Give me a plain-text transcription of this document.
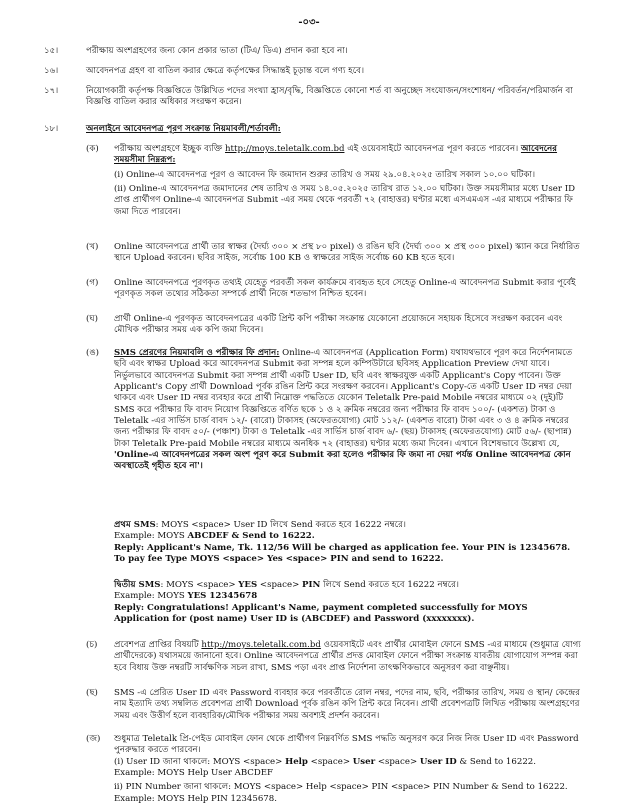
-০৩-
১৫।	পরীক্ষায় অংশগ্রহণের জন্য কোন প্রকার ভাতা (টিএ/ ডিএ) প্রদান করা হবে না।

১৬।	আবেদনপত্র গ্রহণ বা বাতিল করার ক্ষেত্রে কর্তৃপক্ষের সিদ্ধান্তই চূড়ান্ত বলে গণ্য হবে।

১৭।	নিয়োগকারী কর্তৃপক্ষ বিজ্ঞপ্তিতে উল্লিখিত পদের সংখ্যা হ্রাস/বৃদ্ধি, বিজ্ঞপ্তিতে কোনো শর্ত বা অনুচ্ছেদ সংযোজন/সংশোধন/ পরিবর্তন/পরিমার্জন বা বিজ্ঞপ্তি বাতিল করার অধিকার সংরক্ষণ করেন।

১৮।	অনলাইনে আবেদনপত্র পূরণ সংক্রান্ত নিয়মাবলী/শর্তাবলী:

(ক) পরীক্ষায় অংশগ্রহণে ইচ্ছুক ব্যক্তি http://moys.teletalk.com.bd এই ওয়েবসাইটে আবেদনপত্র পূরণ করতে পারবেন। আবেদনের সময়সীমা নিম্নরূপ:

(i) Online-এ আবেদনপত্র পূরণ ও আবেদন ফি জমাদান শুরুর তারিখ ও সময় ২৯.০৪.২০২৫ তারিখ সকাল ১০.০০ ঘটিকা।

(ii) Online-এ আবেদনপত্র জমাদানের শেষ তারিখ ও সময় ১৪.০৫.২০২৫ তারিখ রাত ১২.০০ ঘটিকা। উক্ত সময়সীমার মধ্যে User ID প্রাপ্ত প্রার্থীগণ Online-এ আবেদনপত্র Submit -এর সময় থেকে পরবর্তী ৭২ (বাহাত্তর) ঘণ্টার মধ্যে এসএমএস -এর মাধ্যমে পরীক্ষার ফি জমা দিতে পারবেন।

(খ) Online আবেদনপত্রে প্রার্থী তার স্বাক্ষর (দৈর্ঘ্য ৩০০ × প্রস্থ ৮০ pixel) ও রঙিন ছবি (দৈর্ঘ্য ৩০০ × প্রস্থ ৩০০ pixel) স্ক্যান করে নির্ধারিত স্থানে Upload করবেন। ছবির সাইজ, সর্বোচ্চ 100 KB ও স্বাক্ষরের সাইজ সর্বোচ্চ 60 KB হতে হবে।

(গ) Online আবেদনপত্রে পূরণকৃত তথ্যই যেহেতু পরবর্তী সকল কার্যক্রমে ব্যবহৃত হবে সেহেতু Online-এ আবেদনপত্র Submit করার পূর্বেই পূরণকৃত সকল তথ্যের সঠিকতা সম্পর্কে প্রার্থী নিজে শতভাগ নিশ্চিত হবেন।

(ঘ) প্রার্থী Online-এ পূরণকৃত আবেদনপত্রের একটি প্রিন্ট কপি পরীক্ষা সংক্রান্ত যেকোনো প্রয়োজনে সহায়ক হিসেবে সংরক্ষণ করবেন এবং মৌখিক পরীক্ষার সময় এক কপি জমা দিবেন।

(ঙ) SMS প্রেরণের নিয়মাবলি ও পরীক্ষার ফি প্রদান: Online-এ আবেদনপত্র (Application Form) যথাযথভাবে পূরণ করে নির্দেশনামতে ছবি এবং স্বাক্ষর Upload করে আবেদনপত্র Submit করা সম্পন্ন হলে কম্পিউটারে ছবিসহ Application Preview দেখা যাবে। নির্ভুলভাবে আবেদনপত্র Submit করা সম্পন্ন প্রার্থী একটি User ID, ছবি এবং স্বাক্ষরযুক্ত একটি Applicant's Copy পাবেন। উক্ত Applicant's Copy প্রার্থী Download পূর্বক রঙিন প্রিন্ট করে সংরক্ষণ করবেন। Applicant's Copy-তে একটি User ID নম্বর দেয়া থাকবে এবং User ID নম্বর ব্যবহার করে প্রার্থী নিম্নোক্ত পদ্ধতিতে যেকোন Teletalk Pre-paid Mobile নম্বরের মাধ্যমে ০২ (দুই)টি SMS করে পরীক্ষার ফি বাবদ নিয়োগ বিজ্ঞপ্তিতে বর্ণিত ছকে ১ ও ২ ক্রমিক নম্বরের জন্য পরীক্ষার ফি বাবদ ১০০/- (একশত) টাকা ও Teletalk -এর সার্ভিস চার্জ বাবদ ১২/- (বারো) টাকাসহ (অফেরতযোগ্য) মোট ১১২/- (একশত বারো) টাকা এবং ৩ ও ৪ ক্রমিক নম্বরের জন্য পরীক্ষার ফি বাবদ ৫০/- (পঞ্চাশ) টাকা ও Teletalk -এর সার্ভিস চার্জ বাবদ ৬/- (ছয়) টাকাসহ (অফেরতযোগ্য) মোট ৫৬/- (ছাপান্ন) টাকা Teletalk Pre-paid Mobile নম্বরের মাধ্যমে অনধিক ৭২ (বাহাত্তর) ঘণ্টার মধ্যে জমা দিবেন। এখানে বিশেষভাবে উল্লেখ্য যে, 'Online-এ আবেদনপত্রের সকল অংশ পূরণ করে Submit করা হলেও পরীক্ষার ফি জমা না দেয়া পর্যন্ত Online আবেদনপত্র কোন অবস্থাতেই গৃহীত হবে না'।

প্রথম SMS: MOYS <space> User ID লিখে Send করতে হবে 16222 নম্বরে।

Example: MOYS ABCDEF & Send to 16222.

Reply: Applicant's Name, Tk. 112/56 Will be charged as application fee. Your PIN is 12345678. To pay fee Type MOYS <space> Yes <space> PIN and send to 16222.

দ্বিতীয় SMS: MOYS <space> YES <space> PIN লিখে Send করতে হবে 16222 নম্বরে।

Example: MOYS YES 12345678

Reply: Congratulations! Applicant's Name, payment completed successfully for MOYS Application for (post name) User ID is (ABCDEF) and Password (xxxxxxxx).

(চ) প্রবেশপত্র প্রাপ্তির বিষয়টি http://moys.teletalk.com.bd ওয়েবসাইটে এবং প্রার্থীর মোবাইল ফোনে SMS -এর মাধ্যমে (শুধুমাত্র যোগ্য প্রার্থীদেরকে) যথাসময়ে জানানো হবে। Online আবেদনপত্রে প্রার্থীর প্রদত্ত মোবাইল ফোনে পরীক্ষা সংক্রান্ত যাবতীয় যোগাযোগ সম্পন্ন করা হবে বিধায় উক্ত নম্বরটি সার্বক্ষণিক সচল রাখা, SMS পড়া এবং প্রাপ্ত নির্দেশনা তাৎক্ষণিকভাবে অনুসরণ করা বাঞ্ছনীয়।

(ছ) SMS -এ প্রেরিত User ID এবং Password ব্যবহার করে পরবর্তীতে রোল নম্বর, পদের নাম, ছবি, পরীক্ষার তারিখ, সময় ও স্থান/ কেন্দ্রের নাম ইত্যাদি তথ্য সম্বলিত প্রবেশপত্র প্রার্থী Download পূর্বক রঙিন কপি প্রিন্ট করে নিবেন। প্রার্থী প্রবেশপত্রটি লিখিত পরীক্ষায় অংশগ্রহণের সময় এবং উত্তীর্ণ হলে ব্যবহারিক/মৌখিক পরীক্ষার সময় অবশ্যই প্রদর্শন করবেন।

(জ) শুধুমাত্র Teletalk প্রি-পেইড মোবাইল ফোন থেকে প্রার্থীগণ নিম্নবর্ণিত SMS পদ্ধতি অনুসরণ করে নিজ নিজ User ID এবং Password পুনরুদ্ধার করতে পারবেন।

(i) User ID জানা থাকলে: MOYS <space> Help <space> User <space> User ID & Send to 16222.

Example: MOYS Help User ABCDEF

ii) PIN Number জানা থাকলে: MOYS <space> Help <space> PIN <space> PIN Number & Send to 16222.

Example: MOYS Help PIN 12345678.
